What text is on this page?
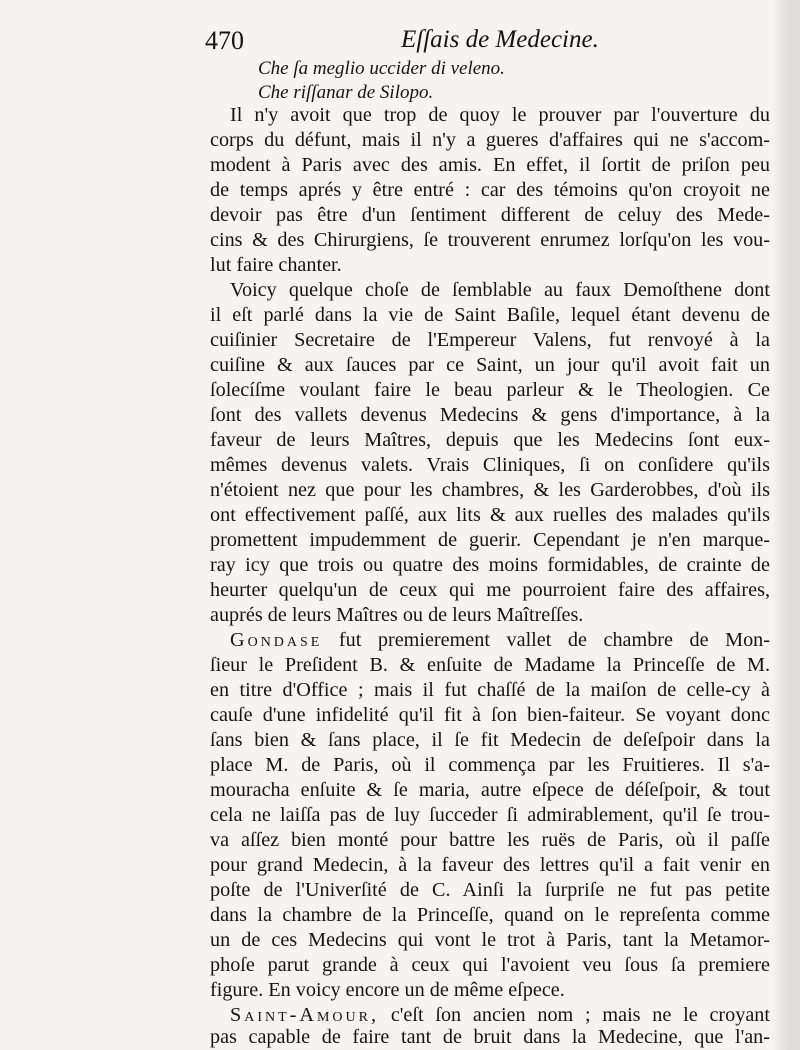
470	Eſſais de Medecine.
Che ſa meglio uccider di veleno.
Che riſſanar de Silopo.
Il n'y avoit que trop de quoy le prouver par l'ouverture du
corps du défunt, mais il n'y a gueres d'affaires qui ne s'accom-
modent à Paris avec des amis. En effet, il ſortit de priſon peu
de temps aprés y être entré : car des témoins qu'on croyoit ne
devoir pas être d'un ſentiment different de celuy des Mede-
cins & des Chirurgiens, ſe trouverent enrumez lorſqu'on les vou-
lut faire chanter.
Voicy quelque choſe de ſemblable au faux Demoſthene dont
il eſt parlé dans la vie de Saint Baſile, lequel étant devenu de
cuiſinier Secretaire de l'Empereur Valens, fut renvoyé à la
cuiſine & aux ſauces par ce Saint, un jour qu'il avoit fait un
ſolecíſme voulant faire le beau parleur & le Theologien. Ce
ſont des vallets devenus Medecins & gens d'importance, à la
faveur de leurs Maîtres, depuis que les Medecins ſont eux-
mêmes devenus valets. Vrais Cliniques, ſi on conſidere qu'ils
n'étoient nez que pour les chambres, & les Garderobbes, d'où ils
ont effectivement paſſé, aux lits & aux ruelles des malades qu'ils
promettent impudemment de guerir. Cependant je n'en marque-
ray icy que trois ou quatre des moins formidables, de crainte de
heurter quelqu'un de ceux qui me pourroient faire des affaires,
auprés de leurs Maîtres ou de leurs Maîtreſſes.
Gondaſe fut premierement vallet de chambre de Mon-
ſieur le Preſident B. & enſuite de Madame la Princeſſe de M.
en titre d'Office ; mais il fut chaſſé de la maiſon de celle-cy à
cauſe d'une infidelité qu'il fit à ſon bien-faiteur. Se voyant donc
ſans bien & ſans place, il ſe fit Medecin de deſeſpoir dans la
place M. de Paris, où il commença par les Fruitieres. Il s'a-
mouracha enſuite & ſe maria, autre eſpece de déſeſpoir, & tout
cela ne laiſſa pas de luy ſucceder ſi admirablement, qu'il ſe trou-
va aſſez bien monté pour battre les ruës de Paris, où il paſſe
pour grand Medecin, à la faveur des lettres qu'il a fait venir en
poſte de l'Univerſité de C. Ainſi la ſurpriſe ne fut pas petite
dans la chambre de la Princeſſe, quand on le repreſenta comme
un de ces Medecins qui vont le trot à Paris, tant la Metamor-
phoſe parut grande à ceux qui l'avoient veu ſous ſa premiere
figure. En voicy encore un de même eſpece.
Saint-Amour, c'eſt ſon ancien nom ; mais ne le croyant
pas capable de faire tant de bruit dans la Medecine, que l'an-
